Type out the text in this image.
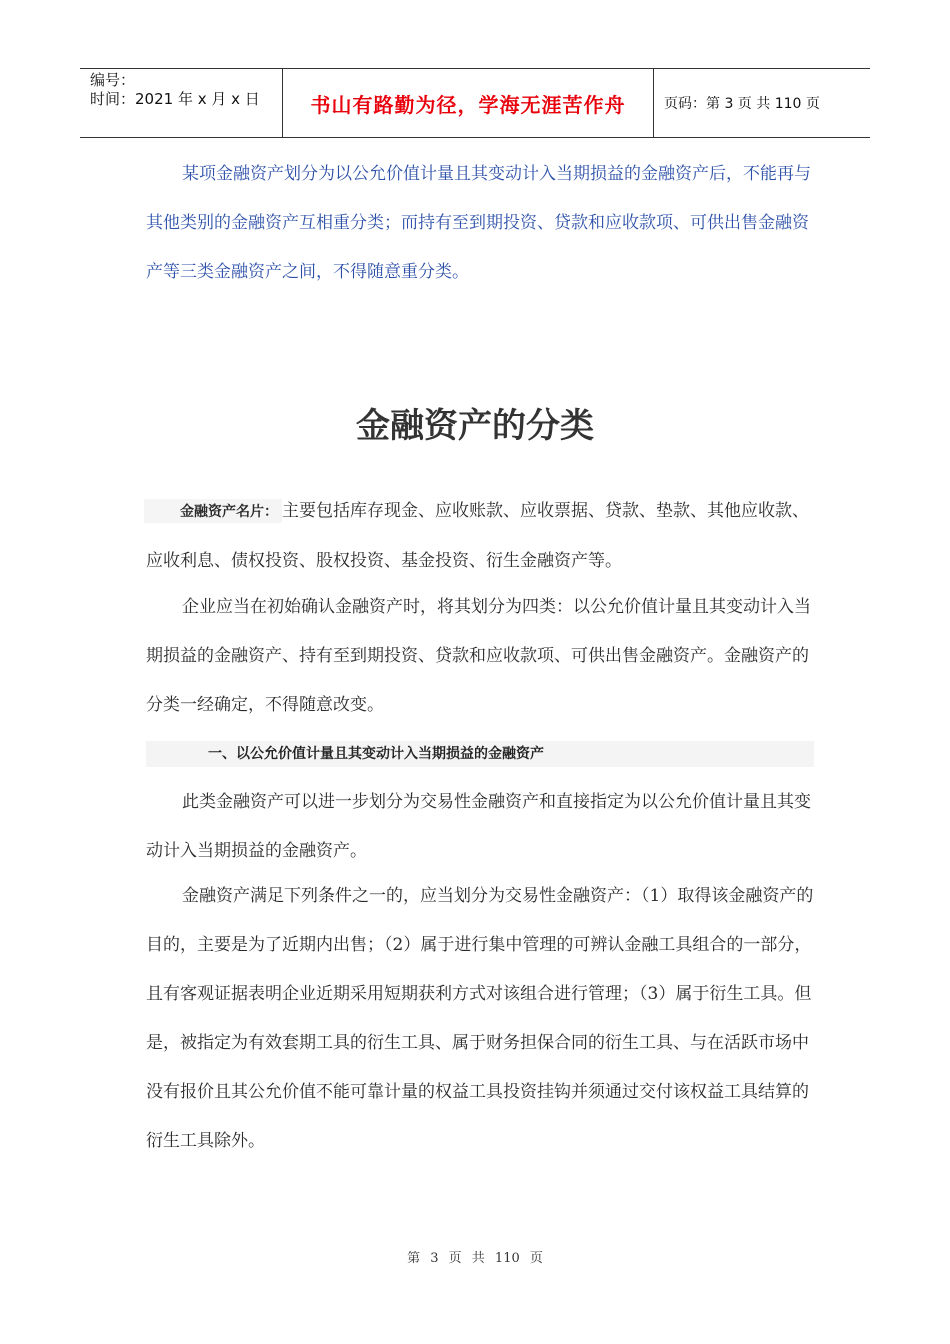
编号：
时间：2021 年 x 月 x 日	书山有路勤为径，学海无涯苦作舟	页码：第 3 页 共 110 页

某项金融资产划分为以公允价值计量且其变动计入当期损益的金融资产后，不能再与其他类别的金融资产互相重分类；而持有至到期投资、贷款和应收款项、可供出售金融资产等三类金融资产之间，不得随意重分类。

金融资产的分类

金融资产名片： 主要包括库存现金、应收账款、应收票据、贷款、垫款、其他应收款、应收利息、债权投资、股权投资、基金投资、衍生金融资产等。

企业应当在初始确认金融资产时，将其划分为四类：以公允价值计量且其变动计入当期损益的金融资产、持有至到期投资、贷款和应收款项、可供出售金融资产。金融资产的分类一经确定，不得随意改变。

一、以公允价值计量且其变动计入当期损益的金融资产

此类金融资产可以进一步划分为交易性金融资产和直接指定为以公允价值计量且其变动计入当期损益的金融资产。

金融资产满足下列条件之一的，应当划分为交易性金融资产：（1）取得该金融资产的目的，主要是为了近期内出售；（2）属于进行集中管理的可辨认金融工具组合的一部分，且有客观证据表明企业近期采用短期获利方式对该组合进行管理；（3）属于衍生工具。但是，被指定为有效套期工具的衍生工具、属于财务担保合同的衍生工具、与在活跃市场中没有报价且其公允价值不能可靠计量的权益工具投资挂钩并须通过交付该权益工具结算的衍生工具除外。

第 3 页 共 110 页
